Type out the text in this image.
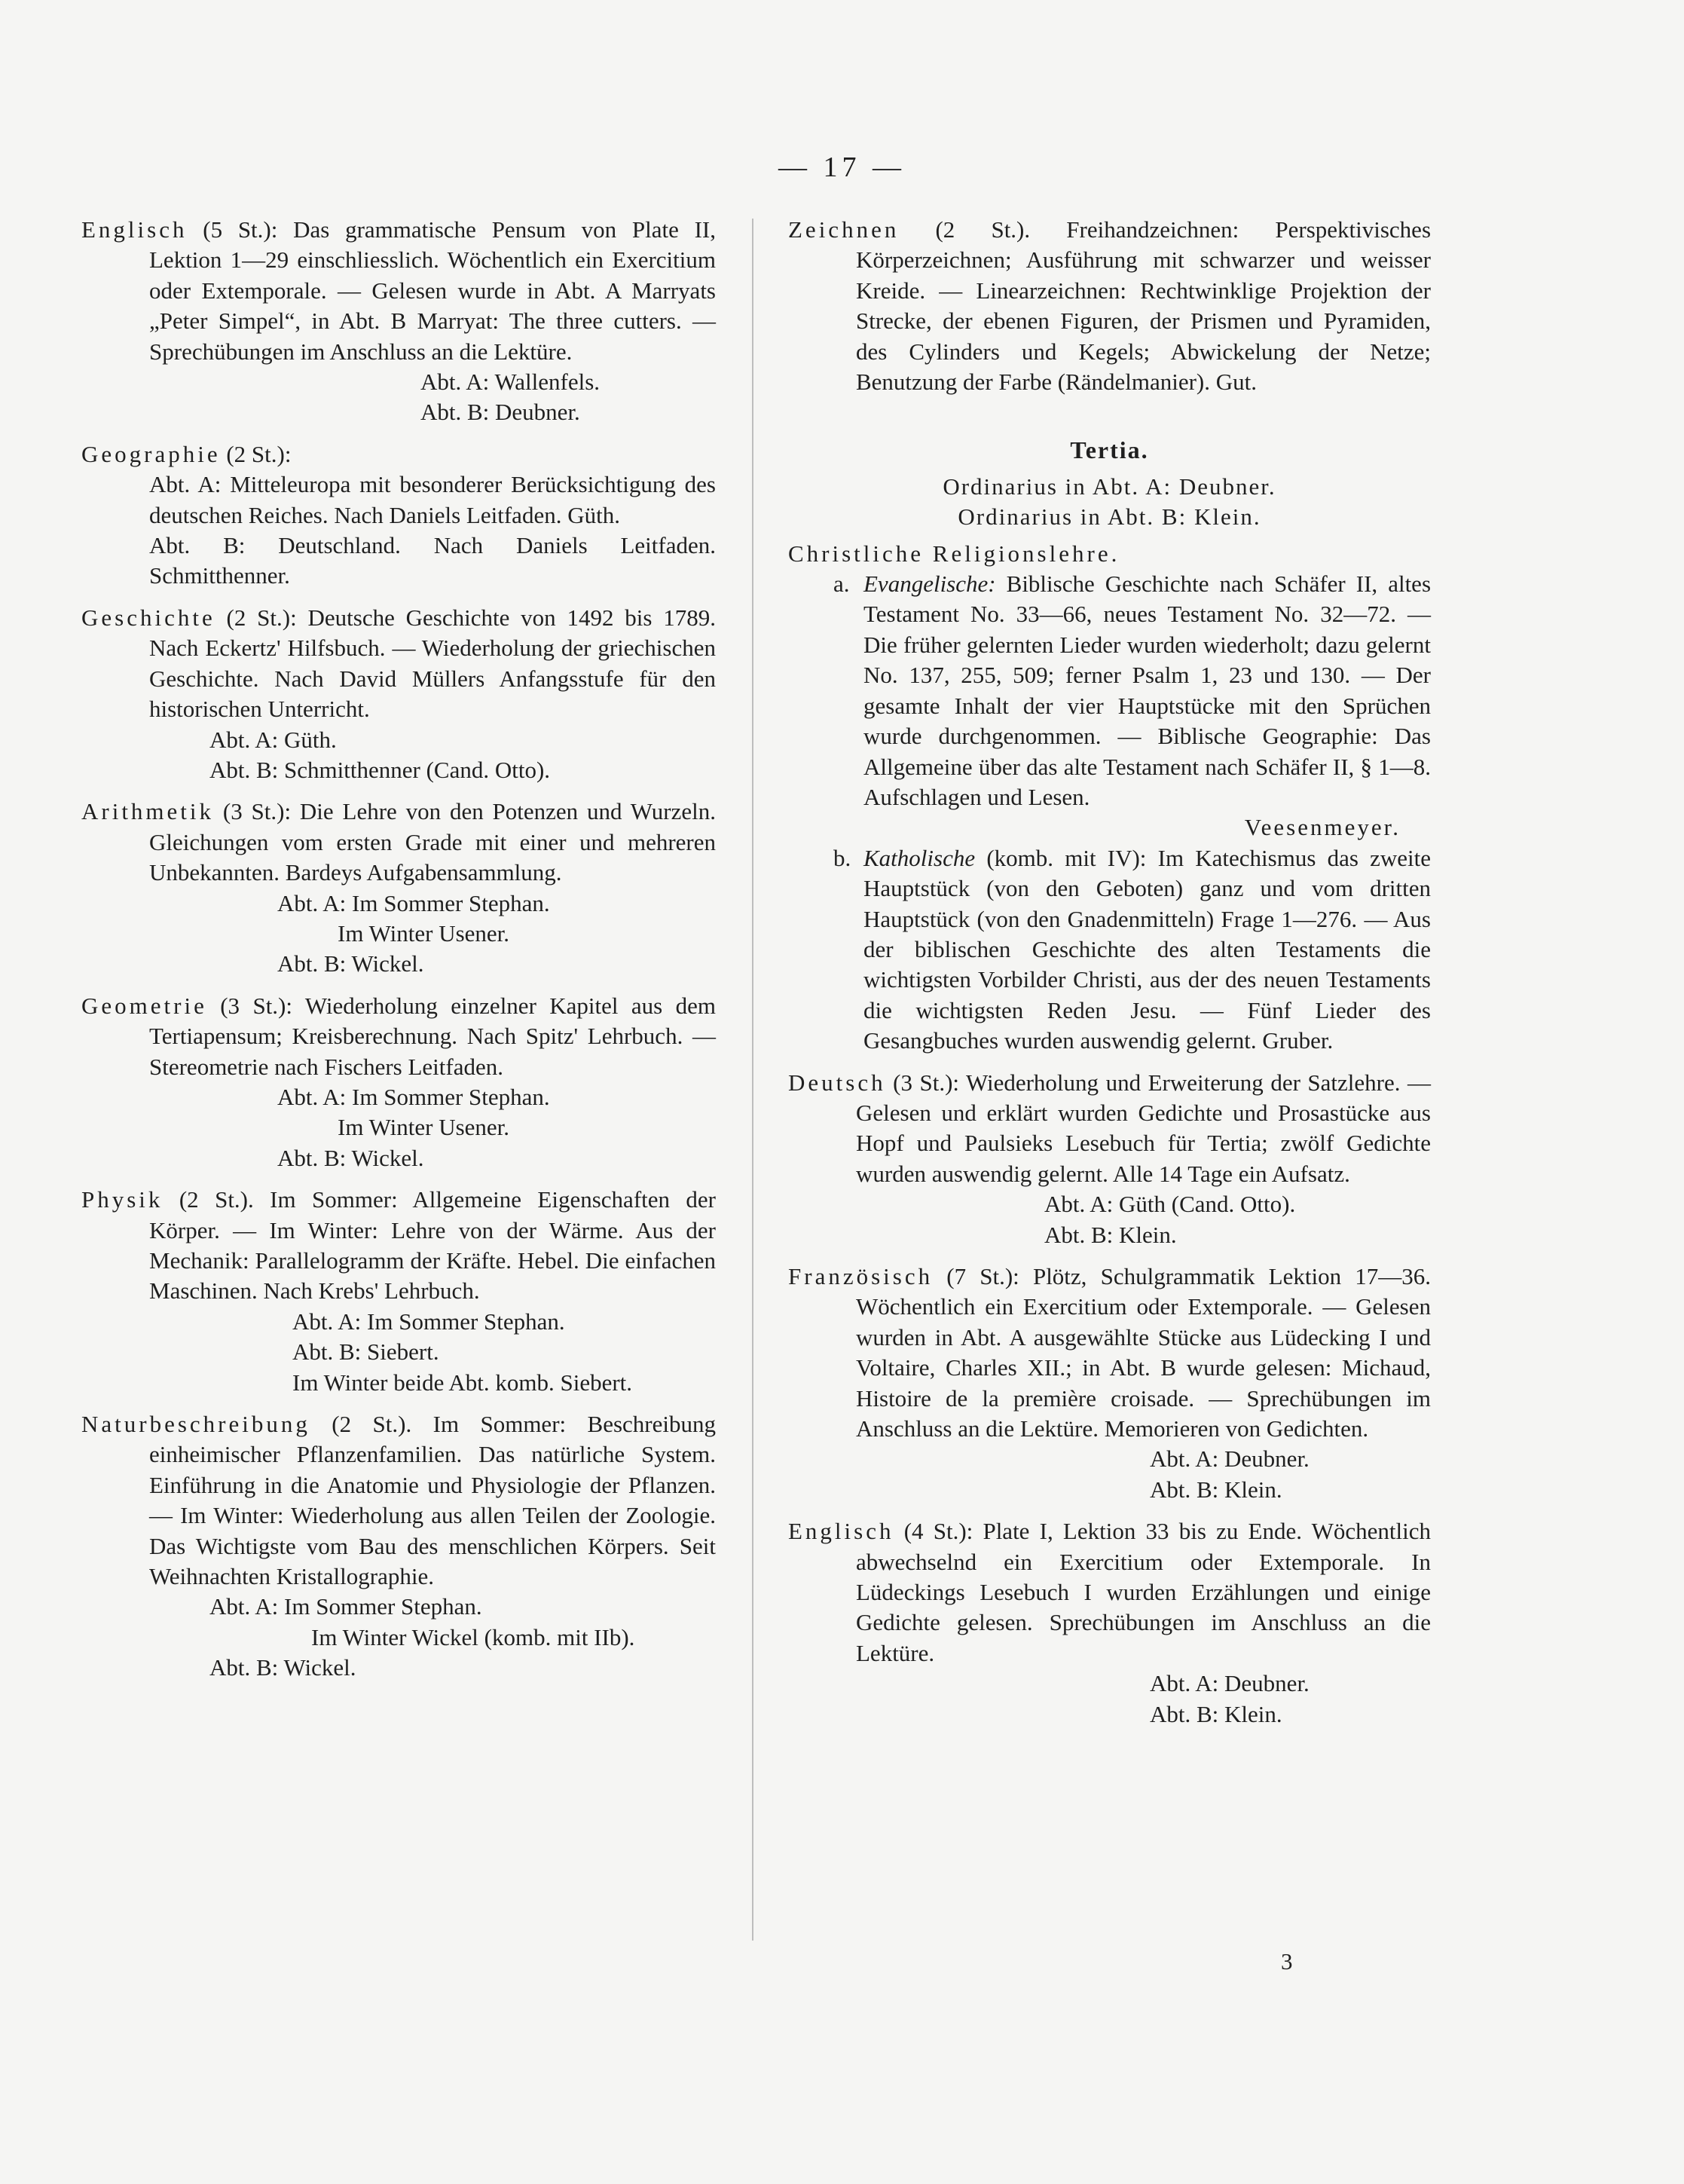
— 17 —

Englisch (5 St.): Das grammatische Pensum von Plate II, Lektion 1—29 einschliesslich. Wöchentlich ein Exercitium oder Extemporale. — Gelesen wurde in Abt. A Marryats „Peter Simpel“, in Abt. B Marryat: The three cutters. — Sprechübungen im Anschluss an die Lektüre.

Abt. A: Wallenfels.
Abt. B: Deubner.

Geographie (2 St.):

Abt. A: Mitteleuropa mit besonderer Berücksichtigung des deutschen Reiches. Nach Daniels Leitfaden. Güth.

Abt. B: Deutschland. Nach Daniels Leitfaden. Schmitthenner.

Geschichte (2 St.): Deutsche Geschichte von 1492 bis 1789. Nach Eckertz' Hilfsbuch. — Wiederholung der griechischen Geschichte. Nach David Müllers Anfangsstufe für den historischen Unterricht.

Abt. A: Güth.
Abt. B: Schmitthenner (Cand. Otto).

Arithmetik (3 St.): Die Lehre von den Potenzen und Wurzeln. Gleichungen vom ersten Grade mit einer und mehreren Unbekannten. Bardeys Aufgabensammlung.

Abt. A: Im Sommer Stephan.
Im Winter Usener.
Abt. B: Wickel.

Geometrie (3 St.): Wiederholung einzelner Kapitel aus dem Tertiapensum; Kreisberechnung. Nach Spitz' Lehrbuch. — Stereometrie nach Fischers Leitfaden.

Abt. A: Im Sommer Stephan.
Im Winter Usener.
Abt. B: Wickel.

Physik (2 St.). Im Sommer: Allgemeine Eigenschaften der Körper. — Im Winter: Lehre von der Wärme. Aus der Mechanik: Parallelogramm der Kräfte. Hebel. Die einfachen Maschinen. Nach Krebs' Lehrbuch.

Abt. A: Im Sommer Stephan.
Abt. B: Siebert.
Im Winter beide Abt. komb. Siebert.

Naturbeschreibung (2 St.). Im Sommer: Beschreibung einheimischer Pflanzenfamilien. Das natürliche System. Einführung in die Anatomie und Physiologie der Pflanzen. — Im Winter: Wiederholung aus allen Teilen der Zoologie. Das Wichtigste vom Bau des menschlichen Körpers. Seit Weihnachten Kristallographie.

Abt. A: Im Sommer Stephan.
Im Winter Wickel (komb. mit IIb).
Abt. B: Wickel.

Zeichnen (2 St.). Freihandzeichnen: Perspektivisches Körperzeichnen; Ausführung mit schwarzer und weisser Kreide. — Linearzeichnen: Rechtwinklige Projektion der Strecke, der ebenen Figuren, der Prismen und Pyramiden, des Cylinders und Kegels; Abwickelung der Netze; Benutzung der Farbe (Rändelmanier). Gut.

Tertia.
Ordinarius in Abt. A: Deubner.
Ordinarius in Abt. B: Klein.
Christliche Religionslehre.

a. Evangelische: Biblische Geschichte nach Schäfer II, altes Testament No. 33—66, neues Testament No. 32—72. — Die früher gelernten Lieder wurden wiederholt; dazu gelernt No. 137, 255, 509; ferner Psalm 1, 23 und 130. — Der gesamte Inhalt der vier Hauptstücke mit den Sprüchen wurde durchgenommen. — Biblische Geographie: Das Allgemeine über das alte Testament nach Schäfer II, § 1—8. Aufschlagen und Lesen.

Veesenmeyer.

b. Katholische (komb. mit IV): Im Katechismus das zweite Hauptstück (von den Geboten) ganz und vom dritten Hauptstück (von den Gnadenmitteln) Frage 1—276. — Aus der biblischen Geschichte des alten Testaments die wichtigsten Vorbilder Christi, aus der des neuen Testaments die wichtigsten Reden Jesu. — Fünf Lieder des Gesangbuches wurden auswendig gelernt. Gruber.

Deutsch (3 St.): Wiederholung und Erweiterung der Satzlehre. — Gelesen und erklärt wurden Gedichte und Prosastücke aus Hopf und Paulsieks Lesebuch für Tertia; zwölf Gedichte wurden auswendig gelernt. Alle 14 Tage ein Aufsatz.

Abt. A: Güth (Cand. Otto).
Abt. B: Klein.

Französisch (7 St.): Plötz, Schulgrammatik Lektion 17—36. Wöchentlich ein Exercitium oder Extemporale. — Gelesen wurden in Abt. A ausgewählte Stücke aus Lüdecking I und Voltaire, Charles XII.; in Abt. B wurde gelesen: Michaud, Histoire de la première croisade. — Sprechübungen im Anschluss an die Lektüre. Memorieren von Gedichten.

Abt. A: Deubner.
Abt. B: Klein.

Englisch (4 St.): Plate I, Lektion 33 bis zu Ende. Wöchentlich abwechselnd ein Exercitium oder Extemporale. In Lüdeckings Lesebuch I wurden Erzählungen und einige Gedichte gelesen. Sprechübungen im Anschluss an die Lektüre.

Abt. A: Deubner.
Abt. B: Klein.
3
